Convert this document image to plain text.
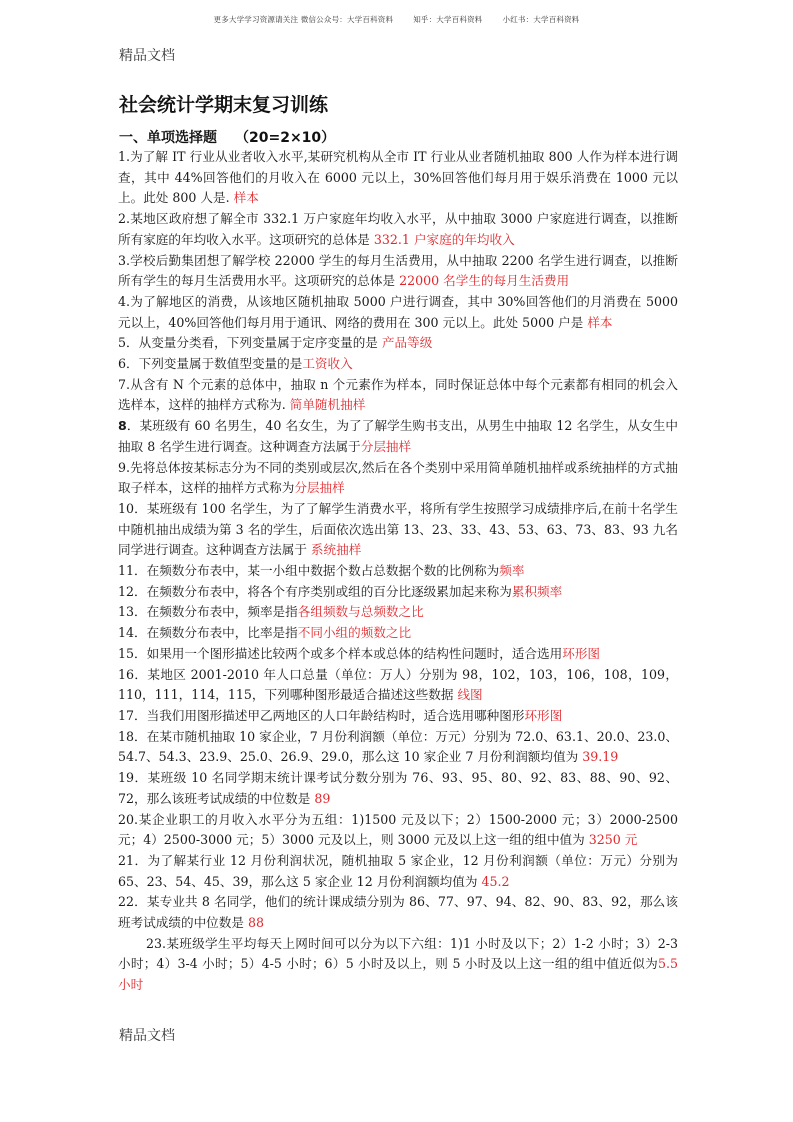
更多大学学习资源请关注 微信公众号：大学百科资料	知乎：大学百科资料	小红书：大学百科资料
精品文档
社会统计学期末复习训练
一、单项选择题 （20=2×10）

1.为了解 IT 行业从业者收入水平,某研究机构从全市 IT 行业从业者随机抽取 800 人作为样本进行调查，其中 44%回答他们的月收入在 6000 元以上，30%回答他们每月用于娱乐消费在 1000 元以上。此处 800 人是. 样本

2.某地区政府想了解全市 332.1 万户家庭年均收入水平，从中抽取 3000 户家庭进行调查，以推断所有家庭的年均收入水平。这项研究的总体是 332.1 户家庭的年均收入

3.学校后勤集团想了解学校 22000 学生的每月生活费用，从中抽取 2200 名学生进行调查，以推断所有学生的每月生活费用水平。这项研究的总体是 22000 名学生的每月生活费用

4.为了解地区的消费，从该地区随机抽取 5000 户进行调查，其中 30%回答他们的月消费在 5000 元以上，40%回答他们每月用于通讯、网络的费用在 300 元以上。此处 5000 户是 样本

5．从变量分类看，下列变量属于定序变量的是 产品等级

6．下列变量属于数值型变量的是工资收入

7.从含有 N 个元素的总体中，抽取 n 个元素作为样本，同时保证总体中每个元素都有相同的机会入选样本，这样的抽样方式称为. 简单随机抽样

8．某班级有 60 名男生，40 名女生，为了了解学生购书支出，从男生中抽取 12 名学生，从女生中抽取 8 名学生进行调查。这种调查方法属于分层抽样

9.先将总体按某标志分为不同的类别或层次,然后在各个类别中采用简单随机抽样或系统抽样的方式抽取子样本，这样的抽样方式称为分层抽样

10．某班级有 100 名学生，为了了解学生消费水平，将所有学生按照学习成绩排序后,在前十名学生中随机抽出成绩为第 3 名的学生，后面依次选出第 13、23、33、43、53、63、73、83、93 九名同学进行调查。这种调查方法属于 系统抽样

11．在频数分布表中，某一小组中数据个数占总数据个数的比例称为频率

12．在频数分布表中，将各个有序类别或组的百分比逐级累加起来称为累积频率

13．在频数分布表中，频率是指各组频数与总频数之比

14．在频数分布表中，比率是指不同小组的频数之比

15．如果用一个图形描述比较两个或多个样本或总体的结构性问题时，适合选用环形图

16．某地区 2001-2010 年人口总量（单位：万人）分别为 98，102，103，106，108，109，110，111，114，115，下列哪种图形最适合描述这些数据 线图

17．当我们用图形描述甲乙两地区的人口年龄结构时，适合选用哪种图形环形图

18．在某市随机抽取 10 家企业，7 月份利润额（单位：万元）分别为 72.0、63.1、20.0、23.0、54.7、54.3、23.9、25.0、26.9、29.0，那么这 10 家企业 7 月份利润额均值为 39.19

19．某班级 10 名同学期末统计课考试分数分别为 76、93、95、80、92、83、88、90、92、72，那么该班考试成绩的中位数是 89

20.某企业职工的月收入水平分为五组：1)1500 元及以下；2）1500-2000 元；3）2000-2500 元；4）2500-3000 元；5）3000 元及以上，则 3000 元及以上这一组的组中值为 3250 元

21．为了解某行业 12 月份利润状况，随机抽取 5 家企业，12 月份利润额（单位：万元）分别为 65、23、54、45、39，那么这 5 家企业 12 月份利润额均值为 45.2

22．某专业共 8 名同学，他们的统计课成绩分别为 86、77、97、94、82、90、83、92，那么该班考试成绩的中位数是 88

23.某班级学生平均每天上网时间可以分为以下六组：1)1 小时及以下；2）1-2 小时；3）2-3 小时；4）3-4 小时；5）4-5 小时；6）5 小时及以上，则 5 小时及以上这一组的组中值近似为5.5 小时

精品文档
